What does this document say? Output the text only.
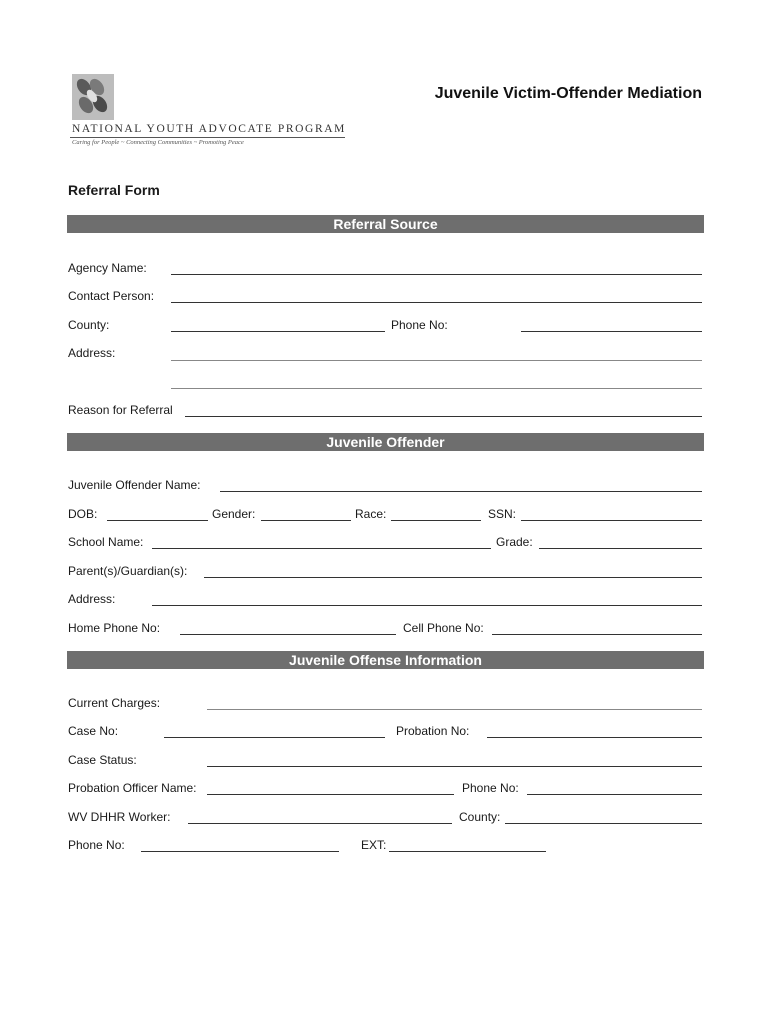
NATIONAL YOUTH ADVOCATE PROGRAM
Caring for People ~ Connecting Communities ~ Promoting Peace
Juvenile Victim-Offender Mediation
Referral Form
Referral Source
Agency Name:
Contact Person:
County:	Phone No:
Address:
Reason for Referral
Juvenile Offender
Juvenile Offender Name:
DOB:	Gender:	Race:	SSN:
School Name:	Grade:
Parent(s)/Guardian(s):
Address:
Home Phone No:	Cell Phone No:
Juvenile Offense Information
Current Charges:
Case No:	Probation No:
Case Status:
Probation Officer Name:	Phone No:
WV DHHR Worker:	County:
Phone No:	EXT:
